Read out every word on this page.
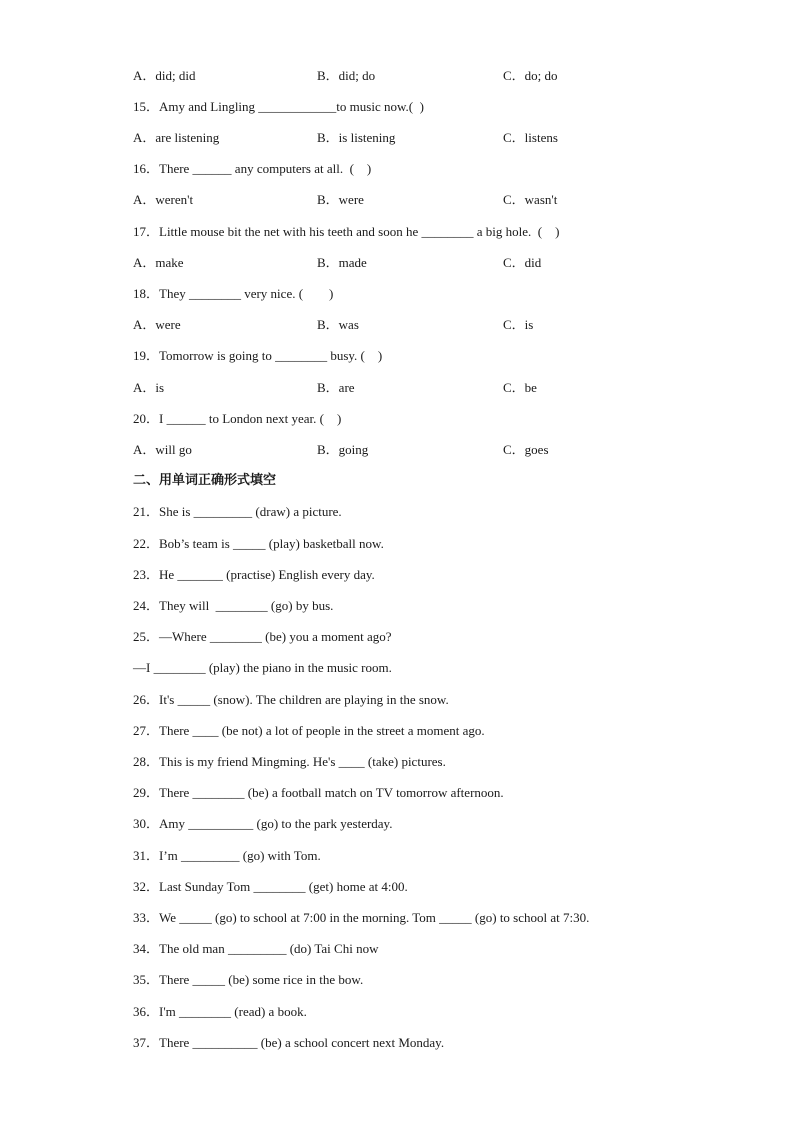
A．did; did	B．did; do	C．do; do
15．Amy and Lingling ____________to music now.(  )
A．are listening	B．is listening	C．listens
16．There ______ any computers at all.  (    )
A．weren't	B．were	C．wasn't
17．Little mouse bit the net with his teeth and soon he ________ a big hole.  (    )
A．make	B．made	C．did
18．They ________ very nice. (        )
A．were	B．was	C．is
19．Tomorrow is going to ________ busy. (    )
A．is	B．are	C．be
20．I ______ to London next year. (    )
A．will go	B．going	C．goes
二、用单词正确形式填空
21．She is _________ (draw) a picture.
22．Bob’s team is _____ (play) basketball now.
23．He _______ (practise) English every day.
24．They will  ________ (go) by bus.
25．—Where ________ (be) you a moment ago?
—I ________ (play) the piano in the music room.
26．It's _____ (snow). The children are playing in the snow.
27．There ____ (be not) a lot of people in the street a moment ago.
28．This is my friend Mingming. He's ____ (take) pictures.
29．There ________ (be) a football match on TV tomorrow afternoon.
30．Amy __________ (go) to the park yesterday.
31．I’m _________ (go) with Tom.
32．Last Sunday Tom ________ (get) home at 4:00.
33．We _____ (go) to school at 7:00 in the morning. Tom _____ (go) to school at 7:30.
34．The old man _________ (do) Tai Chi now
35．There _____ (be) some rice in the bow.
36．I'm ________ (read) a book.
37．There __________ (be) a school concert next Monday.
